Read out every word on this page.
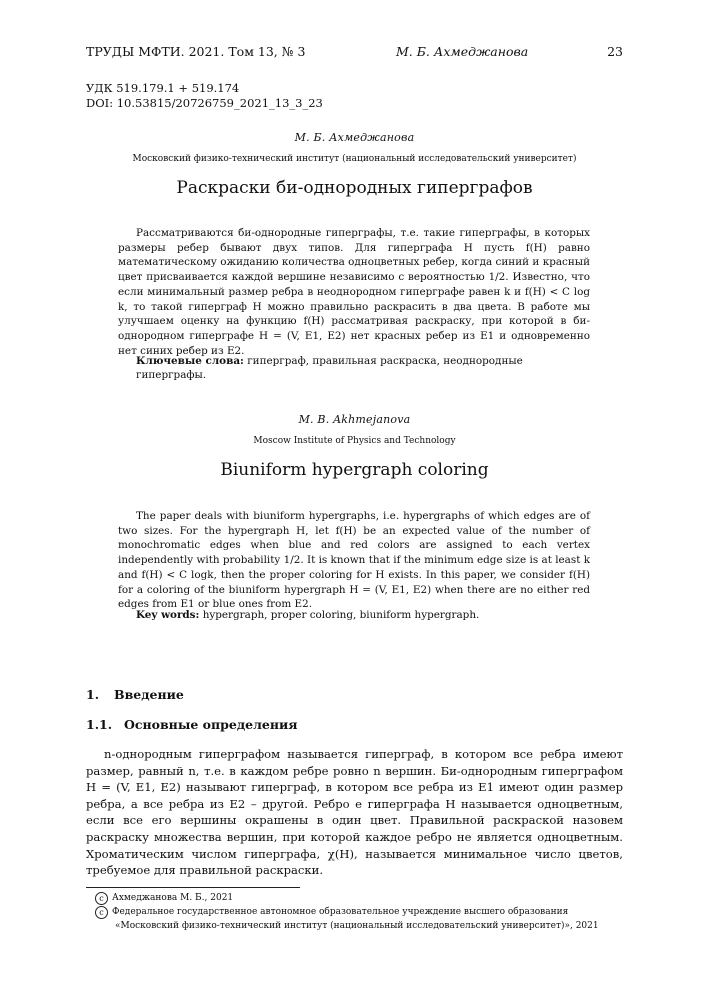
ТРУДЫ МФТИ. 2021. Том 13, № 3	М. Б. Ахмеджанова	23
УДК 519.179.1 + 519.174
DOI: 10.53815/20726759_2021_13_3_23
М. Б. Ахмеджанова
Московский физико-технический институт (национальный исследовательский университет)
Раскраски би-однородных гиперграфов

Рассматриваются би-однородные гиперграфы, т.е. такие гиперграфы, в которых размеры ребер бывают двух типов. Для гиперграфа H пусть f(H) равно математическому ожиданию количества одноцветных ребер, когда синий и красный цвет присваивается каждой вершине независимо с вероятностью 1/2. Известно, что если минимальный размер ребра в неоднородном гиперграфе равен k и f(H) < C log k, то такой гиперграф H можно правильно раскрасить в два цвета. В работе мы улучшаем оценку на функцию f(H) рассматривая раскраску, при которой в би-однородном гиперграфе H = (V, E1, E2) нет красных ребер из E1 и одновременно нет синих ребер из E2.

Ключевые слова: гиперграф, правильная раскраска, неоднородные гиперграфы.
M. B. Akhmejanova
Moscow Institute of Physics and Technology
Biuniform hypergraph coloring

The paper deals with biuniform hypergraphs, i.e. hypergraphs of which edges are of two sizes. For the hypergraph H, let f(H) be an expected value of the number of monochromatic edges when blue and red colors are assigned to each vertex independently with probability 1/2. It is known that if the minimum edge size is at least k and f(H) < C logk, then the proper coloring for H exists. In this paper, we consider f(H) for a coloring of the biuniform hypergraph H = (V, E1, E2) when there are no either red edges from E1 or blue ones from E2.

Key words: hypergraph, proper coloring, biuniform hypergraph.
1. Введение
1.1. Основные определения

n-однородным гиперграфом называется гиперграф, в котором все ребра имеют размер, равный n, т.е. в каждом ребре ровно n вершин. Би-однородным гиперграфом H = (V, E1, E2) называют гиперграф, в котором все ребра из E1 имеют один размер ребра, а все ребра из E2 – другой. Ребро e гиперграфа H называется одноцветным, если все его вершины окрашены в один цвет. Правильной раскраской назовем раскраску множества вершин, при которой каждое ребро не является одноцветным. Хроматическим числом гиперграфа, χ(H), называется минимальное число цветов, требуемое для правильной раскраски.

c Ахмеджанова М. Б., 2021
c Федеральное государственное автономное образовательное учреждение высшего образования
«Московский физико-технический институт (национальный исследовательский университет)», 2021
